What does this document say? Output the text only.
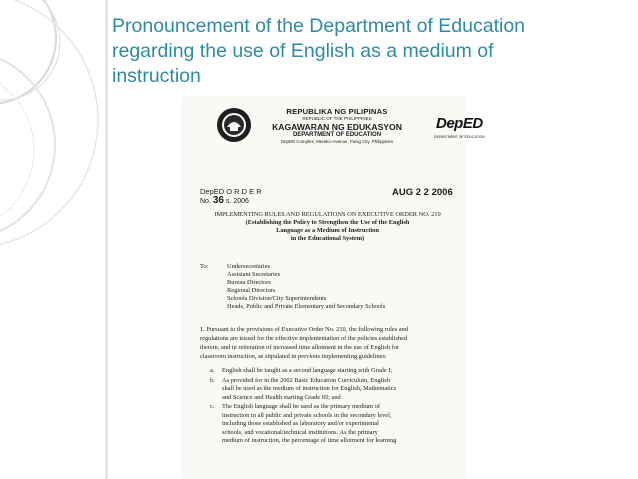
Pronouncement of the Department of Education
regarding the use of English as a medium of
instruction
REPUBLIKA NG PILIPINAS
REPUBLIC OF THE PHILIPPINES
KAGAWARAN NG EDUKASYON
DEPARTMENT OF EDUCATION
DepED Complex, Meralco Avenue, Pasig City, Philippines
DepED
DEPARTMENT OF EDUCATION
DepED O R D E R
No. 36 s. 2006
AUG 2 2 2006
IMPLEMENTING RULES AND REGULATIONS ON EXECUTIVE ORDER NO. 210
(Establishing the Policy to Strengthen the Use of the English
Language as a Medium of Instruction
in the Educational System)
To:	Undersecretaries
Assistant Secretaries
Bureau Directors
Regional Directors
Schools Division/City Superintendents
Heads, Public and Private Elementary and Secondary Schools
1. Pursuant to the provisions of Executive Order No. 210, the following rules and
regulations are issued for the effective implementation of the policies established
therein, and in reiteration of increased time allotment in the use of English for
classroom instruction, as stipulated in previous implementing guidelines:
a. English shall be taught as a second language starting with Grade I;
b. As provided for in the 2002 Basic Education Curriculum, English
shall be used as the medium of instruction for English, Mathematics
and Science and Health starting Grade III; and
c. The English language shall be used as the primary medium of
instruction in all public and private schools in the secondary level,
including those established as laboratory and/or experimental
schools, and vocational/technical institutions. As the primary
medium of instruction, the percentage of time allotment for learning
